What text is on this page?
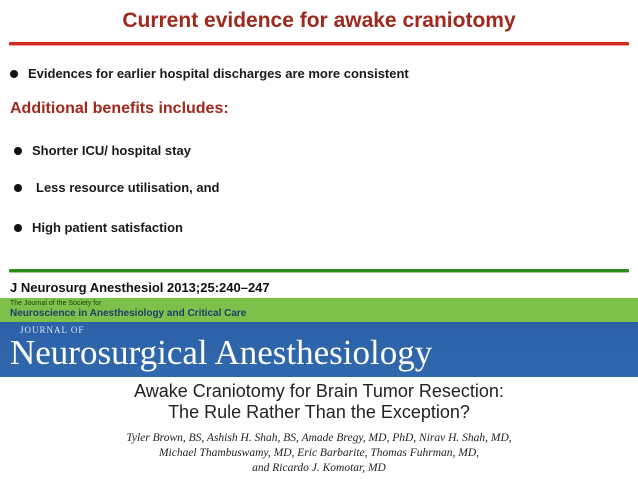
Current evidence for awake craniotomy
Evidences for earlier hospital discharges are more consistent
Additional benefits includes:
Shorter ICU/ hospital stay
Less resource utilisation, and
High patient satisfaction
J Neurosurg Anesthesiol 2013;25:240–247
The Journal of the Society for
Neuroscience in Anesthesiology and Critical Care
JOURNAL OF
Neurosurgical Anesthesiology
Awake Craniotomy for Brain Tumor Resection:
The Rule Rather Than the Exception?
Tyler Brown, BS, Ashish H. Shah, BS, Amade Bregy, MD, PhD, Nirav H. Shah, MD,
Michael Thambuswamy, MD, Eric Barbarite, Thomas Fuhrman, MD,
and Ricardo J. Komotar, MD
